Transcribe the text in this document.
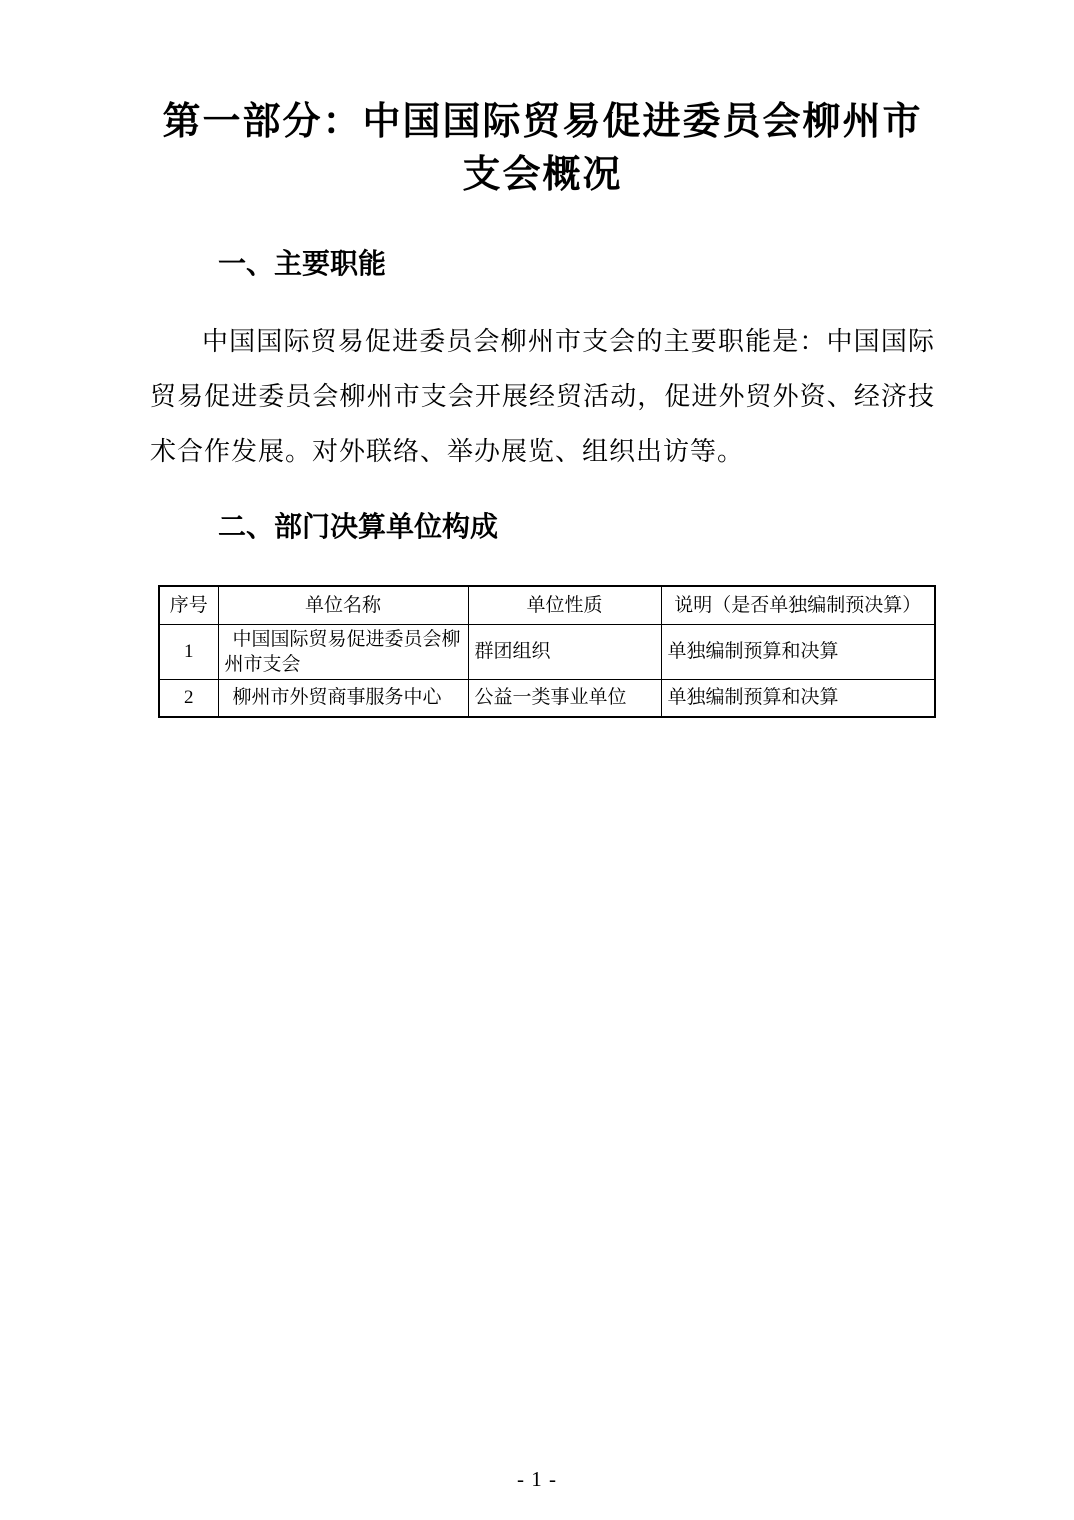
第一部分：中国国际贸易促进委员会柳州市
支会概况
一、主要职能

中国国际贸易促进委员会柳州市支会的主要职能是：中国国际贸易促进委员会柳州市支会开展经贸活动，促进外贸外资、经济技术合作发展。对外联络、举办展览、组织出访等。

二、部门决算单位构成
序号	单位名称	单位性质	说明（是否单独编制预决算）
1	中国国际贸易促进委员会柳州市支会	群团组织	单独编制预算和决算
2	柳州市外贸商事服务中心	公益一类事业单位	单独编制预算和决算
- 1 -
